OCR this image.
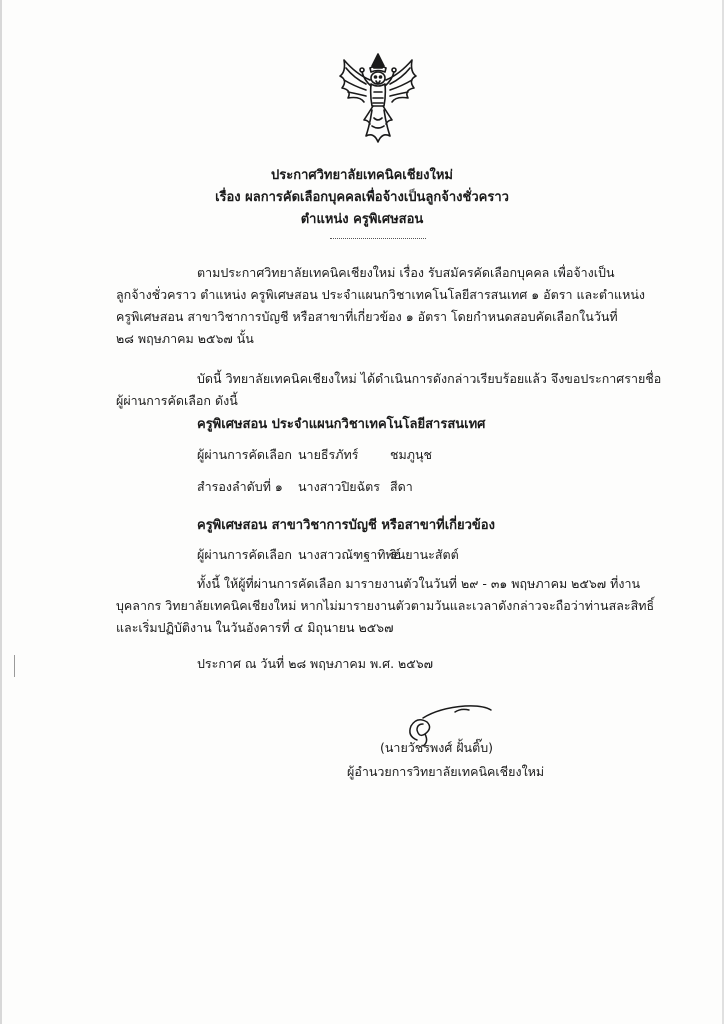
ประกาศวิทยาลัยเทคนิคเชียงใหม่
เรื่อง ผลการคัดเลือกบุคคลเพื่อจ้างเป็นลูกจ้างชั่วคราว
ตำแหน่ง ครูพิเศษสอน
ตามประกาศวิทยาลัยเทคนิคเชียงใหม่ เรื่อง รับสมัครคัดเลือกบุคคล เพื่อจ้างเป็น
ลูกจ้างชั่วคราว ตำแหน่ง ครูพิเศษสอน ประจำแผนกวิชาเทคโนโลยีสารสนเทศ ๑ อัตรา และตำแหน่ง
ครูพิเศษสอน สาขาวิชาการบัญชี หรือสาขาที่เกี่ยวข้อง ๑ อัตรา โดยกำหนดสอบคัดเลือกในวันที่
๒๘ พฤษภาคม ๒๕๖๗ นั้น
บัดนี้ วิทยาลัยเทคนิคเชียงใหม่ ได้ดำเนินการดังกล่าวเรียบร้อยแล้ว จึงขอประกาศรายชื่อ
ผู้ผ่านการคัดเลือก ดังนี้
ครูพิเศษสอน ประจำแผนกวิชาเทคโนโลยีสารสนเทศ
ผู้ผ่านการคัดเลือก นายธีรภัทร์	ชมภูนุช
สำรองลำดับที่ ๑ นางสาวปิยฉัตร สีดา
ครูพิเศษสอน สาขาวิชาการบัญชี หรือสาขาที่เกี่ยวข้อง
ผู้ผ่านการคัดเลือก นางสาวณัฑฐาทิพย์
รินยานะสัตต์
ทั้งนี้ ให้ผู้ที่ผ่านการคัดเลือก มารายงานตัวในวันที่ ๒๙ - ๓๑ พฤษภาคม ๒๕๖๗ ที่งาน
บุคลากร วิทยาลัยเทคนิคเชียงใหม่ หากไม่มารายงานตัวตามวันและเวลาดังกล่าวจะถือว่าท่านสละสิทธิ์
และเริ่มปฏิบัติงาน ในวันอังคารที่ ๔ มิถุนายน ๒๕๖๗
ประกาศ ณ วันที่ ๒๘ พฤษภาคม พ.ศ. ๒๕๖๗
(นายวัชรพงศ์ ฝั้นติ๊บ)
ผู้อำนวยการวิทยาลัยเทคนิคเชียงใหม่
